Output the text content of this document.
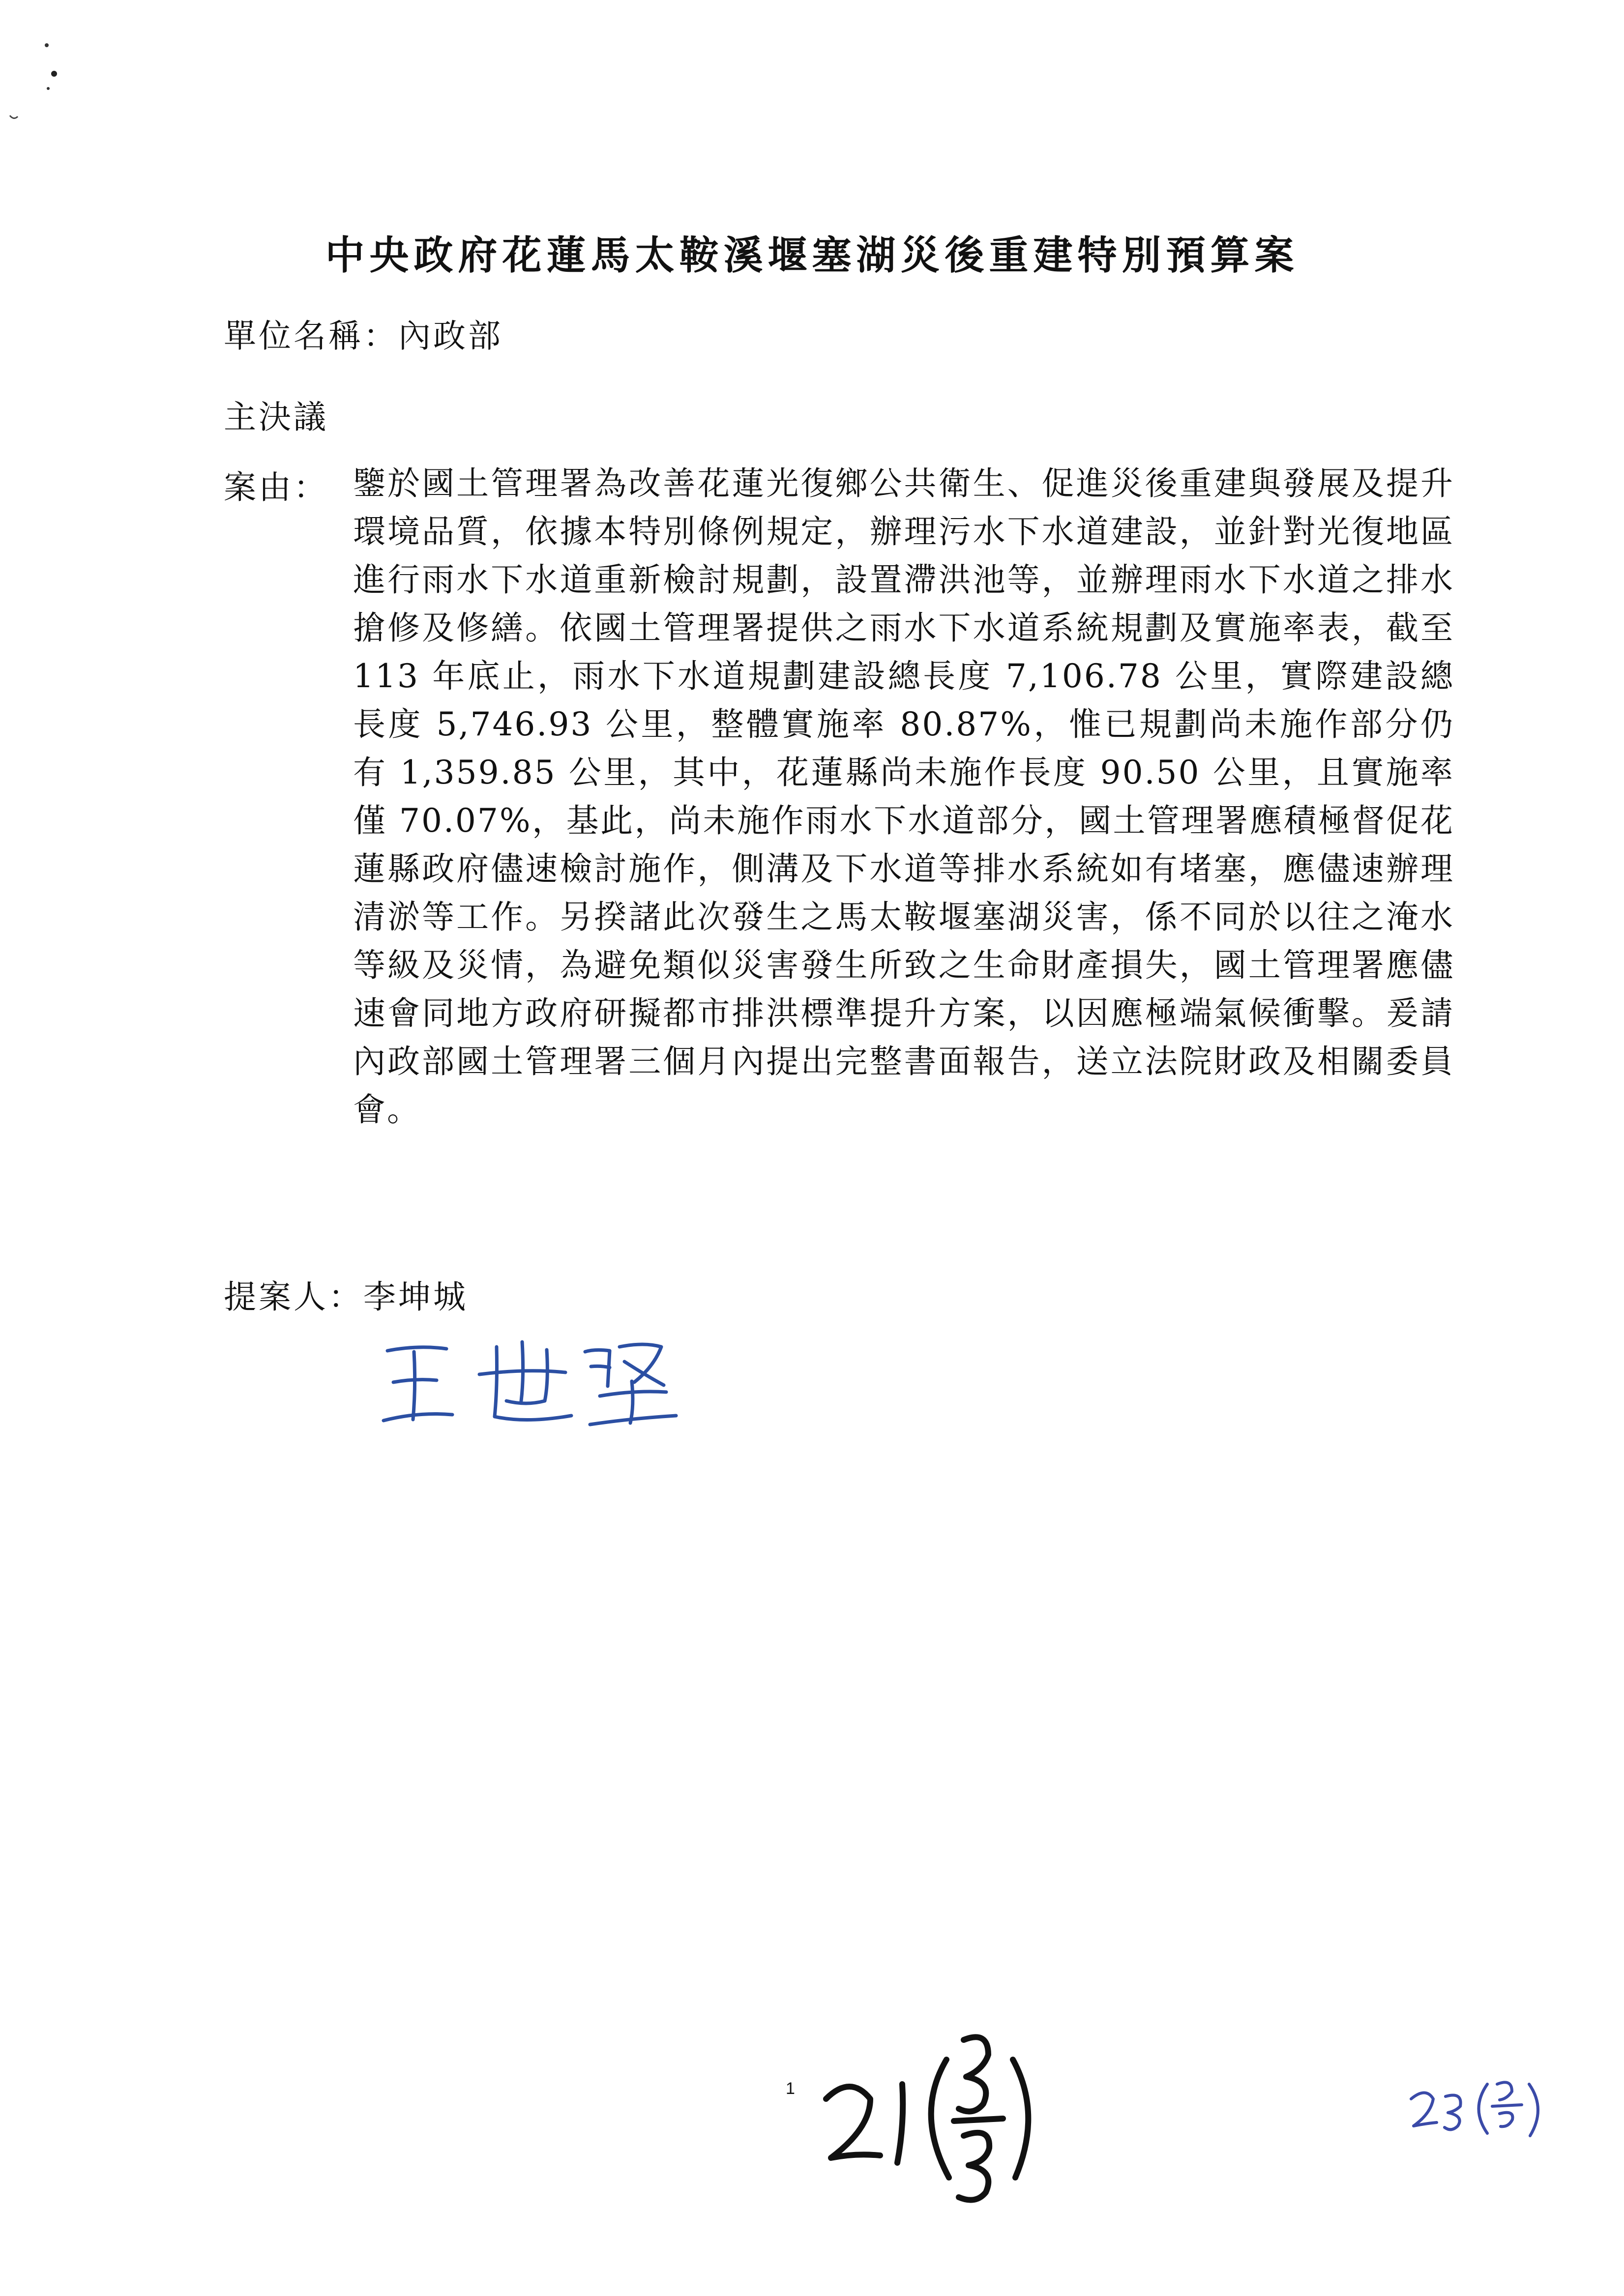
中央政府花蓮馬太鞍溪堰塞湖災後重建特別預算案
單位名稱：內政部
主決議
案由： 鑒於國土管理署為改善花蓮光復鄉公共衛生、促進災後重建與發展及提升環境品質，依據本特別條例規定，辦理污水下水道建設，並針對光復地區進行雨水下水道重新檢討規劃，設置滯洪池等，並辦理雨水下水道之排水搶修及修繕。依國土管理署提供之雨水下水道系統規劃及實施率表，截至 113 年底止，雨水下水道規劃建設總長度 7,106.78 公里，實際建設總長度 5,746.93 公里，整體實施率 80.87%，惟已規劃尚未施作部分仍有 1,359.85 公里，其中，花蓮縣尚未施作長度 90.50 公里，且實施率僅 70.07%，基此，尚未施作雨水下水道部分，國土管理署應積極督促花蓮縣政府儘速檢討施作，側溝及下水道等排水系統如有堵塞，應儘速辦理清淤等工作。另揆諸此次發生之馬太鞍堰塞湖災害，係不同於以往之淹水等級及災情，為避免類似災害發生所致之生命財產損失，國土管理署應儘速會同地方政府研擬都市排洪標準提升方案，以因應極端氣候衝擊。爰請內政部國土管理署三個月內提出完整書面報告，送立法院財政及相關委員會。
提案人：李坤城
1
